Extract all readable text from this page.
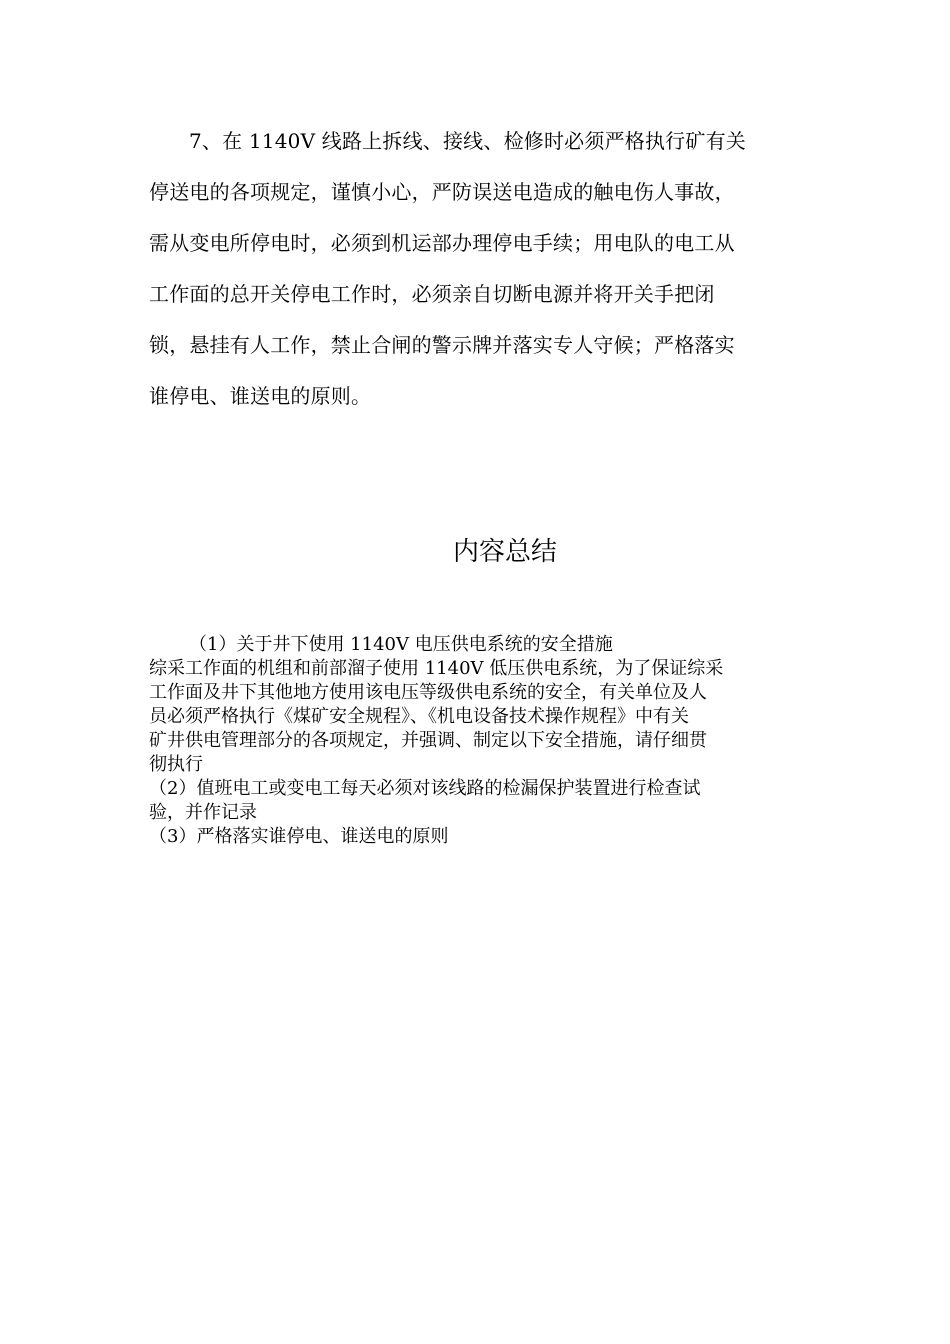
7、在 1140V 线路上拆线、接线、检修时必须严格执行矿有关
停送电的各项规定，谨慎小心，严防误送电造成的触电伤人事故，
需从变电所停电时，必须到机运部办理停电手续；用电队的电工从
工作面的总开关停电工作时，必须亲自切断电源并将开关手把闭
锁，悬挂有人工作，禁止合闸的警示牌并落实专人守候；严格落实
谁停电、谁送电的原则。
内容总结
（1）关于井下使用 1140V 电压供电系统的安全措施
综采工作面的机组和前部溜子使用 1140V 低压供电系统，为了保证综采
工作面及井下其他地方使用该电压等级供电系统的安全，有关单位及人
员必须严格执行《煤矿安全规程》、《机电设备技术操作规程》中有关
矿井供电管理部分的各项规定，并强调、制定以下安全措施，请仔细贯
彻执行
（2）值班电工或变电工每天必须对该线路的检漏保护装置进行检查试
验，并作记录
（3）严格落实谁停电、谁送电的原则
